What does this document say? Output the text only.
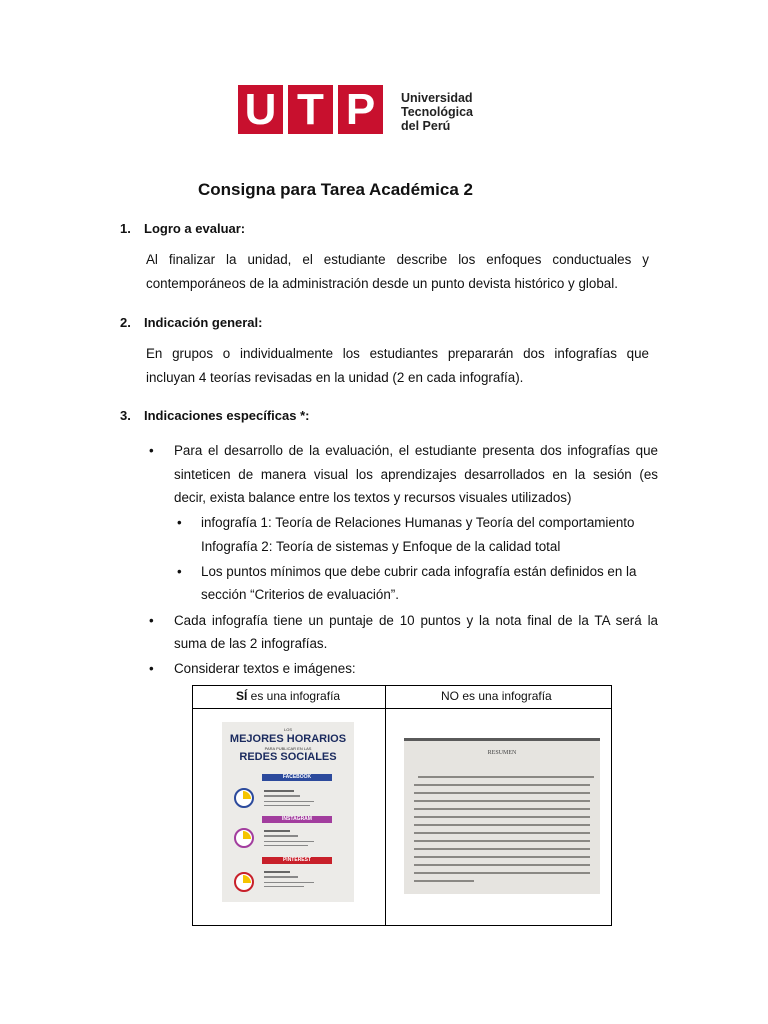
U T P	Universidad
Tecnológica
del Perú
Consigna para Tarea Académica 2
1. Logro a evaluar:
Al finalizar la unidad, el estudiante describe los enfoques conductuales y
contemporáneos de la administración desde un punto devista histórico y global.
2. Indicación general:
En grupos o individualmente los estudiantes prepararán dos infografías que
incluyan 4 teorías revisadas en la unidad (2 en cada infografía).
3. Indicaciones específicas *:
• Para el desarrollo de la evaluación, el estudiante presenta dos infografías que
sinteticen de manera visual los aprendizajes desarrollados en la sesión (es
decir, exista balance entre los textos y recursos visuales utilizados)
• infografía 1: Teoría de Relaciones Humanas y Teoría del comportamiento
Infografía 2: Teoría de sistemas y Enfoque de la calidad total
• Los puntos mínimos que debe cubrir cada infografía están definidos en la
sección “Criterios de evaluación”.
• Cada infografía tiene un puntaje de 10 puntos y la nota final de la TA será la
suma de las 2 infografías.
• Considerar textos e imágenes:
SÍ es una infografía	NO es una infografía
LOS
MEJORES HORARIOS
PARA PUBLICAR EN LAS
REDES SOCIALES
FACEBOOK
INSTAGRAM
PINTEREST
RESUMEN
